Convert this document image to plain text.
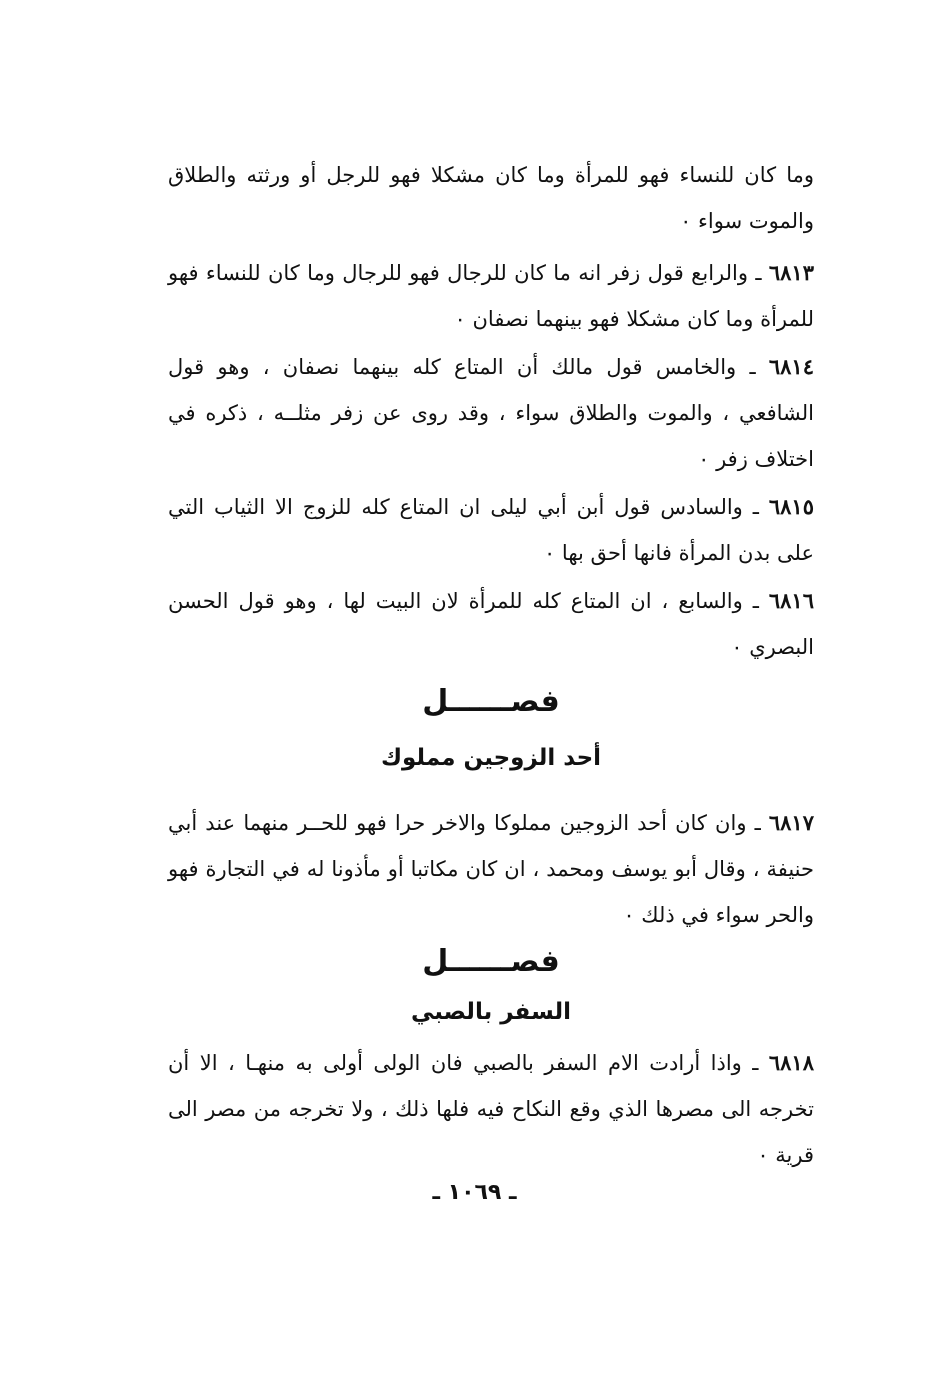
وما كان للنساء فهو للمرأة وما كان مشكلا فهو للرجل أو ورثته والطلاق والموت سواء ٠
٦٨١٣ ـ والرابع قول زفر انه ما كان للرجال فهو للرجال وما كان للنساء فهو للمرأة وما كان مشكلا فهو بينهما نصفان ٠
٦٨١٤ ـ والخامس قول مالك أن المتاع كله بينهما نصفان ، وهو قول الشافعي ، والموت والطلاق سواء ، وقد روى عن زفر مثلــه ، ذكره في اختلاف زفر ٠
٦٨١٥ ـ والسادس قول أبن أبي ليلى ان المتاع كله للزوج الا الثياب التي على بدن المرأة فانها أحق بها ٠
٦٨١٦ ـ والسابع ، ان المتاع كله للمرأة لان البيت لها ، وهو قول الحسن البصري ٠
فصــــــل
أحد الزوجين مملوك
٦٨١٧ ـ وان كان أحد الزوجين مملوكا والاخر حرا فهو للحــر منهما عند أبي حنيفة ، وقال أبو يوسف ومحمد ، ان كان مكاتبا أو مأذونا له في التجارة فهو والحر سواء في ذلك ٠
فصــــــل
السفر بالصبي
٦٨١٨ ـ واذا أرادت الام السفر بالصبي فان الولى أولى به منهـا ، الا أن تخرجه الى مصرها الذي وقع النكاح فيه فلها ذلك ، ولا تخرجه من مصر الى قرية ٠
ـ ١٠٦٩ ـ
